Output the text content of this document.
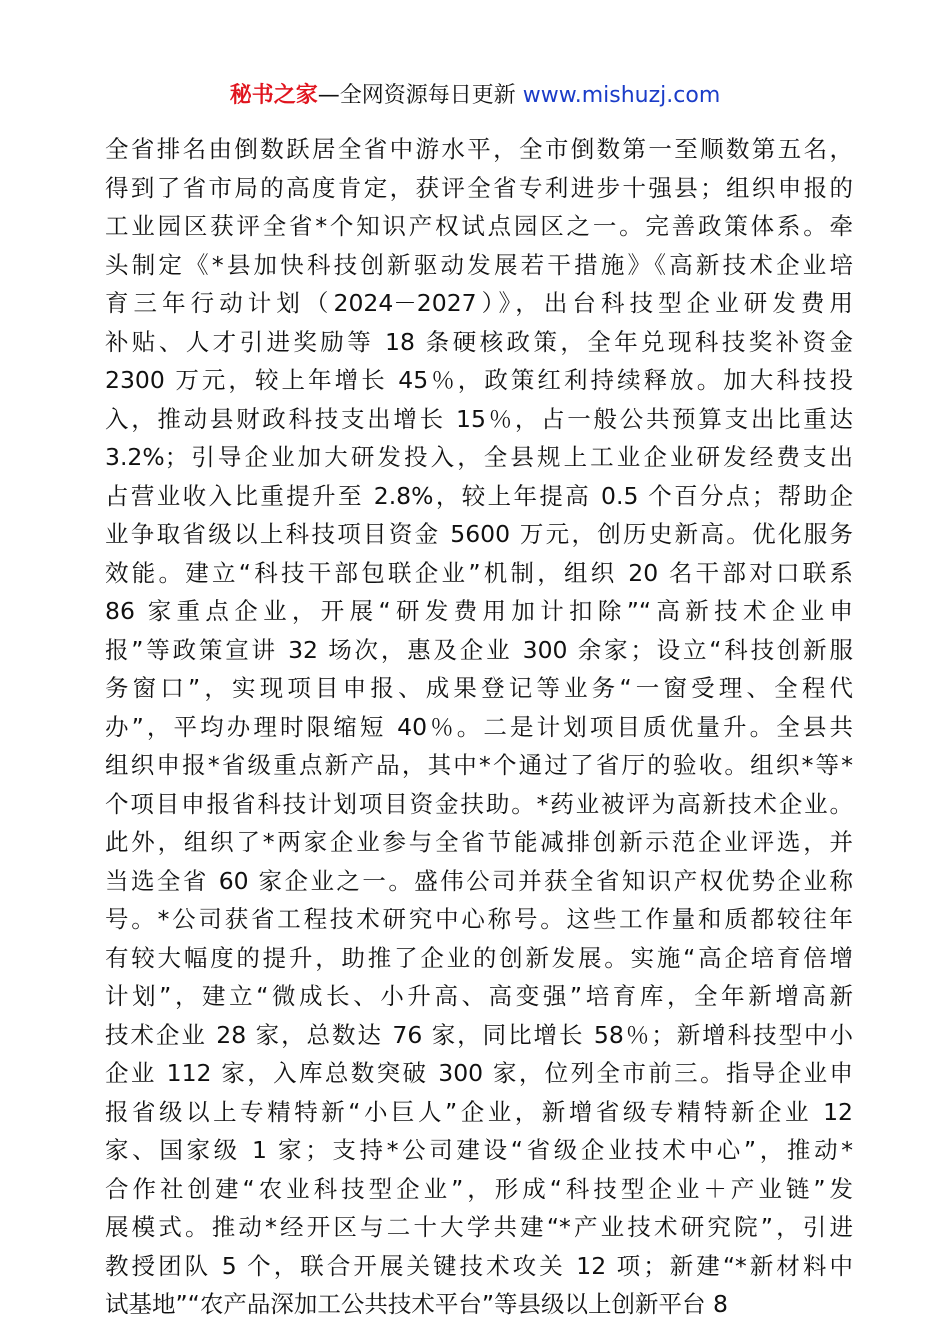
秘书之家—全网资源每日更新 www.mishuzj.com
全省排名由倒数跃居全省中游水平，全市倒数第一至顺数第五名，
得到了省市局的高度肯定，获评全省专利进步十强县；组织申报的
工业园区获评全省*个知识产权试点园区之一。完善政策体系。牵
头制定《*县加快科技创新驱动发展若干措施》《高新技术企业培
育三年行动计划（2024－2027）》，出台科技型企业研发费用
补贴、人才引进奖励等 18 条硬核政策，全年兑现科技奖补资金
2300 万元，较上年增长 45％，政策红利持续释放。加大科技投
入，推动县财政科技支出增长 15％，占一般公共预算支出比重达
3.2%；引导企业加大研发投入，全县规上工业企业研发经费支出
占营业收入比重提升至 2.8%，较上年提高 0.5 个百分点；帮助企
业争取省级以上科技项目资金 5600 万元，创历史新高。优化服务
效能。建立“科技干部包联企业”机制，组织 20 名干部对口联系
86 家重点企业，开展“研发费用加计扣除”“高新技术企业申
报”等政策宣讲 32 场次，惠及企业 300 余家；设立“科技创新服
务窗口”，实现项目申报、成果登记等业务“一窗受理、全程代
办”，平均办理时限缩短 40％。二是计划项目质优量升。全县共
组织申报*省级重点新产品，其中*个通过了省厅的验收。组织*等*
个项目申报省科技计划项目资金扶助。*药业被评为高新技术企业。
此外，组织了*两家企业参与全省节能减排创新示范企业评选，并
当选全省 60 家企业之一。盛伟公司并获全省知识产权优势企业称
号。*公司获省工程技术研究中心称号。这些工作量和质都较往年
有较大幅度的提升，助推了企业的创新发展。实施“高企培育倍增
计划”，建立“微成长、小升高、高变强”培育库，全年新增高新
技术企业 28 家，总数达 76 家，同比增长 58％；新增科技型中小
企业 112 家，入库总数突破 300 家，位列全市前三。指导企业申
报省级以上专精特新“小巨人”企业，新增省级专精特新企业 12
家、国家级 1 家；支持*公司建设“省级企业技术中心”，推动*
合作社创建“农业科技型企业”，形成“科技型企业＋产业链”发
展模式。推动*经开区与二十大学共建“*产业技术研究院”，引进
教授团队 5 个，联合开展关键技术攻关 12 项；新建“*新材料中
试基地”“农产品深加工公共技术平台”等县级以上创新平台 8
